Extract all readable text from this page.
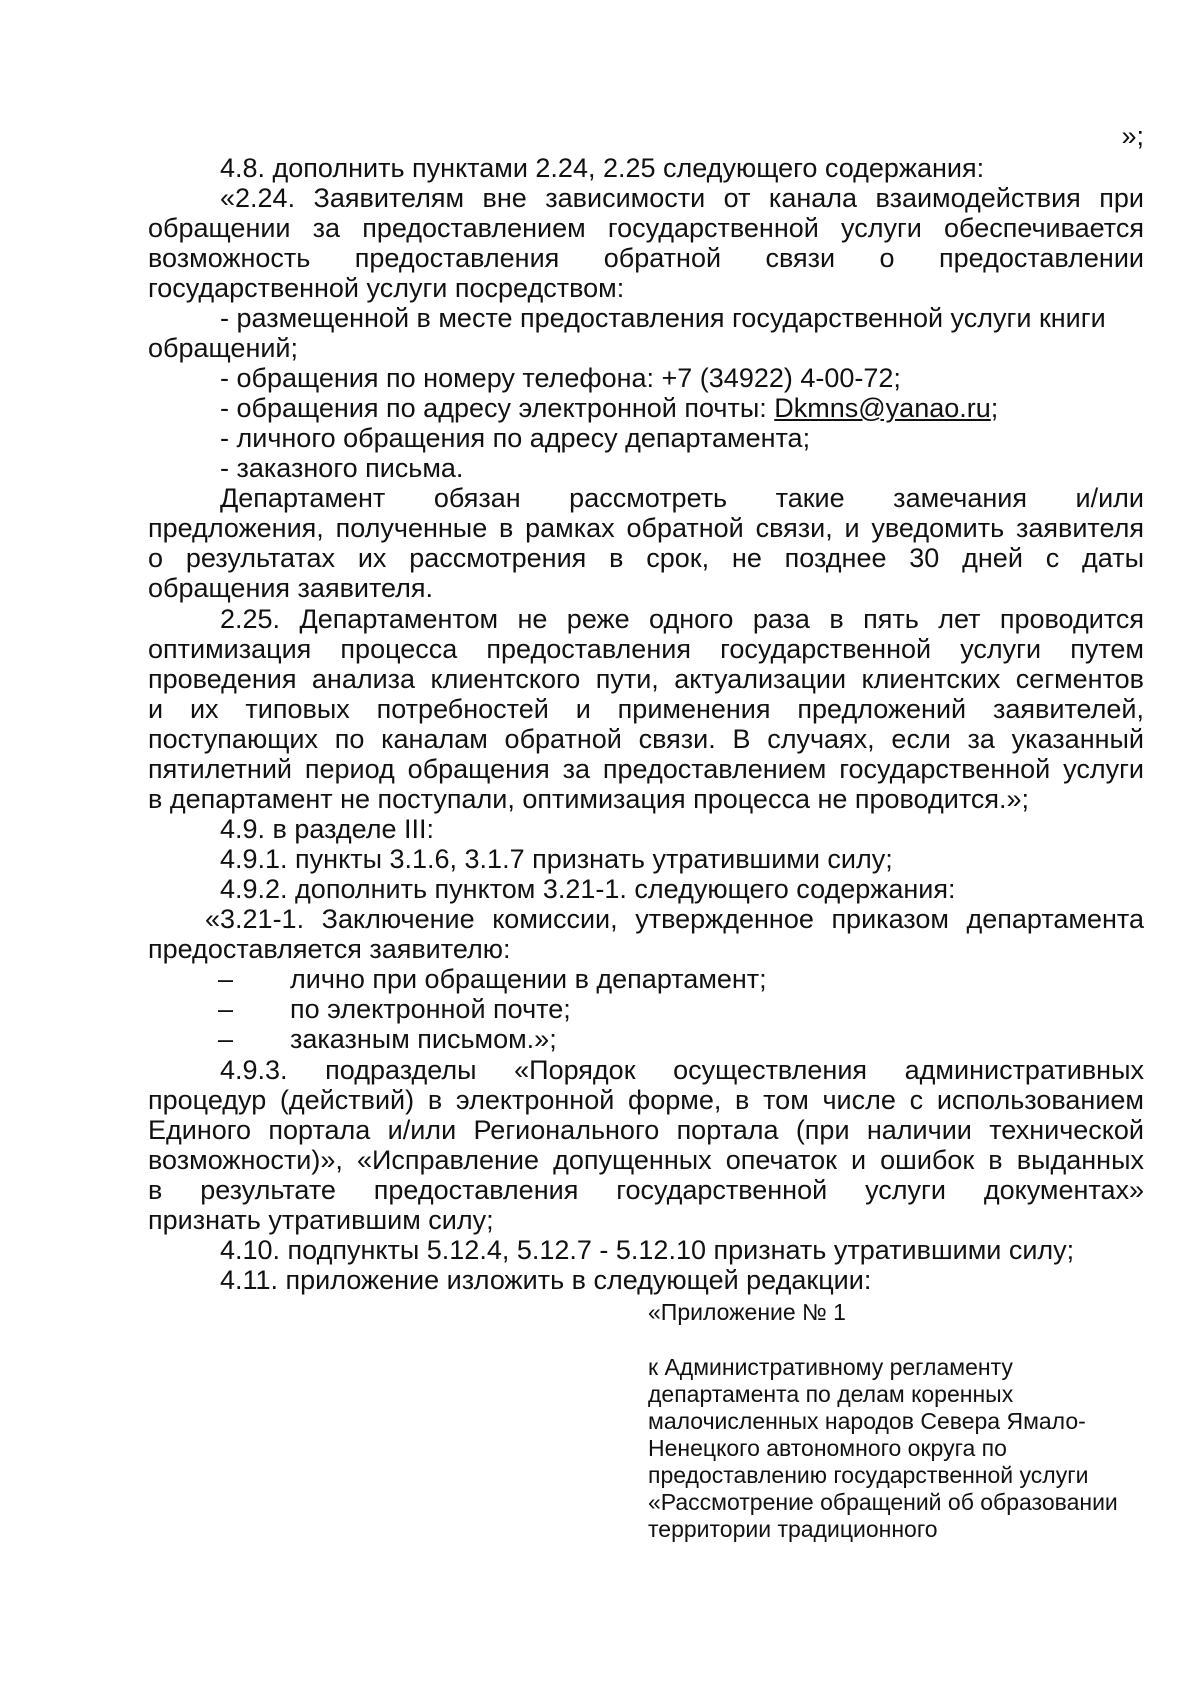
»;
4.8. дополнить пунктами 2.24, 2.25 следующего содержания:
«2.24. Заявителям вне зависимости от канала взаимодействия при
обращении за предоставлением государственной услуги обеспечивается
возможность предоставления обратной связи о предоставлении
государственной услуги посредством:
- размещенной в месте предоставления государственной услуги книги
обращений;
- обращения по номеру телефона: +7 (34922) 4-00-72;
- обращения по адресу электронной почты: Dkmns@yanao.ru;
- личного обращения по адресу департамента;
- заказного письма.
Департамент обязан рассмотреть такие замечания и/или
предложения, полученные в рамках обратной связи, и уведомить заявителя
о результатах их рассмотрения в срок, не позднее 30 дней с даты
обращения заявителя.
2.25. Департаментом не реже одного раза в пять лет проводится
оптимизация процесса предоставления государственной услуги путем
проведения анализа клиентского пути, актуализации клиентских сегментов
и их типовых потребностей и применения предложений заявителей,
поступающих по каналам обратной связи. В случаях, если за указанный
пятилетний период обращения за предоставлением государственной услуги
в департамент не поступали, оптимизация процесса не проводится.»;
4.9. в разделе III:
4.9.1. пункты 3.1.6, 3.1.7 признать утратившими силу;
4.9.2. дополнить пунктом 3.21-1. следующего содержания:
«3.21-1. Заключение комиссии, утвержденное приказом департамента
предоставляется заявителю:
– лично при обращении в департамент;
– по электронной почте;
– заказным письмом.»;
4.9.3. подразделы «Порядок осуществления административных
процедур (действий) в электронной форме, в том числе с использованием
Единого портала и/или Регионального портала (при наличии технической
возможности)», «Исправление допущенных опечаток и ошибок в выданных
в результате предоставления государственной услуги документах»
признать утратившим силу;
4.10. подпункты 5.12.4, 5.12.7 - 5.12.10 признать утратившими силу;
4.11. приложение изложить в следующей редакции:
«Приложение № 1
к Административному регламенту
департамента по делам коренных
малочисленных народов Севера Ямало-
Ненецкого автономного округа по
предоставлению государственной услуги
«Рассмотрение обращений об образовании
территории традиционного
